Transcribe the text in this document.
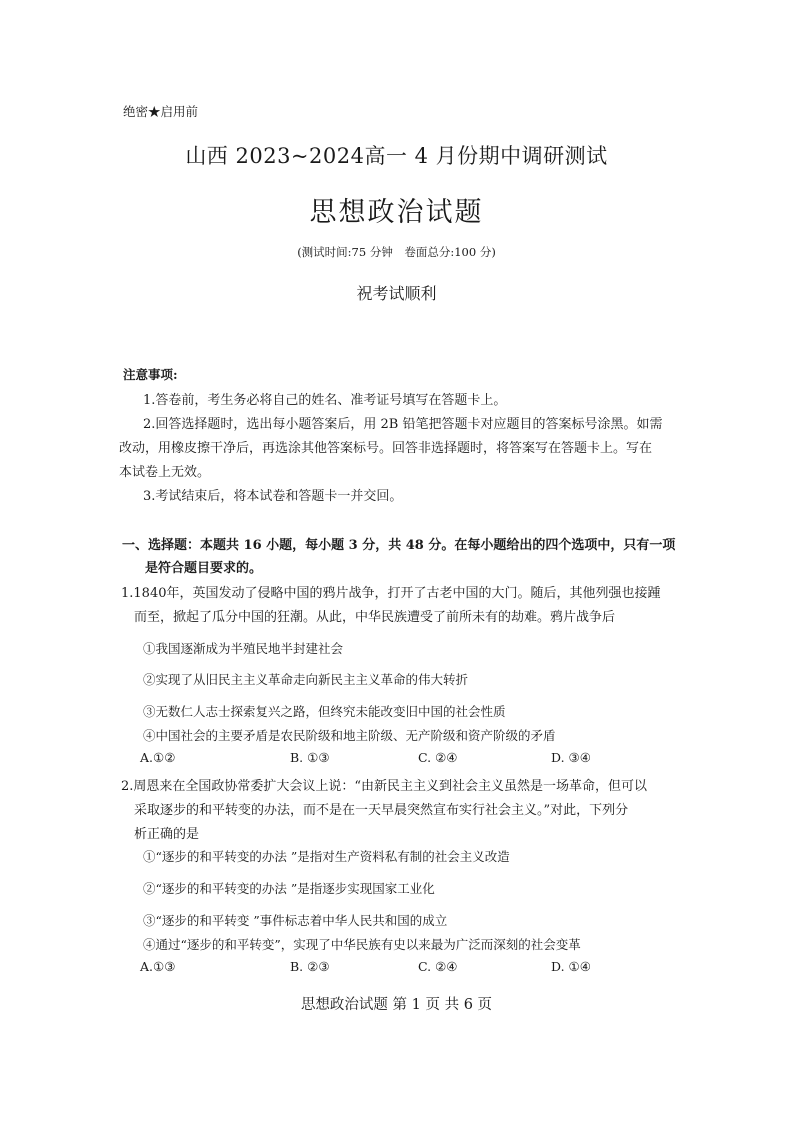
绝密★启用前
山西 2023~2024高一 4 月份期中调研测试
思想政治试题
(测试时间:75 分钟　卷面总分:100 分)
祝考试顺利
注意事项:
1.答卷前，考生务必将自己的姓名、准考证号填写在答题卡上。
2.回答选择题时，选出每小题答案后，用 2B 铅笔把答题卡对应题目的答案标号涂黑。如需
改动，用橡皮擦干净后，再选涂其他答案标号。回答非选择题时，将答案写在答题卡上。写在
本试卷上无效。
3.考试结束后，将本试卷和答题卡一并交回。
一、选择题：本题共 16 小题，每小题 3 分，共 48 分。在每小题给出的四个选项中，只有一项
是符合题目要求的。
1.1840年，英国发动了侵略中国的鸦片战争，打开了古老中国的大门。随后，其他列强也接踵
而至，掀起了瓜分中国的狂潮。从此，中华民族遭受了前所未有的劫难。鸦片战争后
①我国逐渐成为半殖民地半封建社会
②实现了从旧民主主义革命走向新民主主义革命的伟大转折
③无数仁人志士探索复兴之路，但终究未能改变旧中国的社会性质
④中国社会的主要矛盾是农民阶级和地主阶级、无产阶级和资产阶级的矛盾
A.①②	B. ①③	C. ②④	D. ③④
2.周恩来在全国政协常委扩大会议上说：“由新民主主义到社会主义虽然是一场革命，但可以
采取逐步的和平转变的办法，而不是在一天早晨突然宣布实行社会主义。”对此，下列分
析正确的是
①“逐步的和平转变的办法 ”是指对生产资料私有制的社会主义改造
②“逐步的和平转变的办法 ”是指逐步实现国家工业化
③“逐步的和平转变 ”事件标志着中华人民共和国的成立
④通过“逐步的和平转变”，实现了中华民族有史以来最为广泛而深刻的社会变革
A.①③	B. ②③	C. ②④	D. ①④
思想政治试题 第 1 页 共 6 页
